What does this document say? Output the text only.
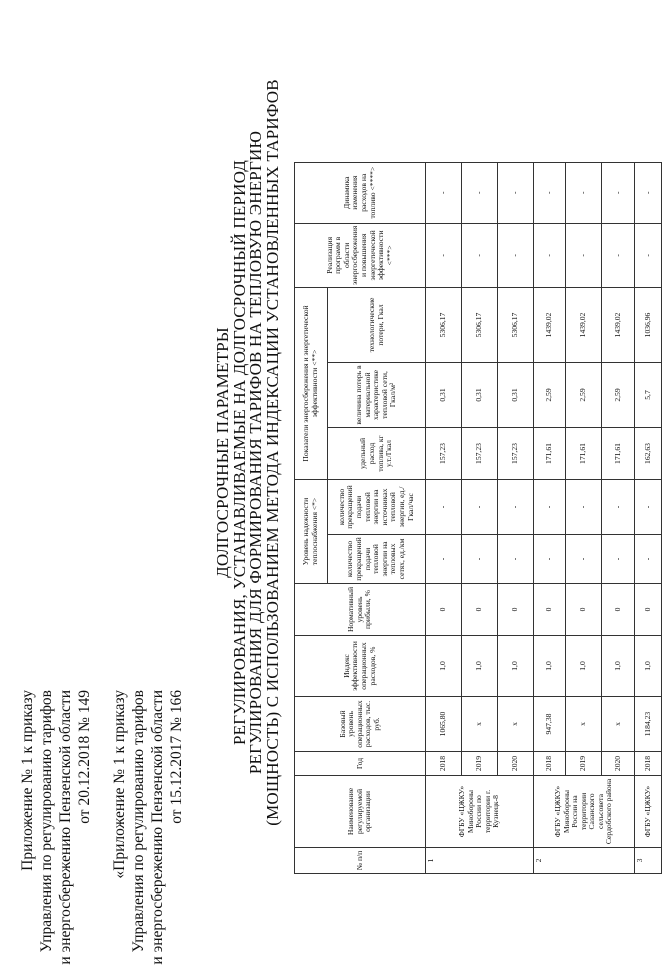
Приложение № 1 к приказу Управления по регулированию тарифов и энергосбережению Пензенской области от 20.12.2018 № 149 «Приложение № 1 к приказу Управления по регулированию тарифов и энергосбережению Пензенской области от 15.12.2017 № 166
ДОЛГОСРОЧНЫЕ ПАРАМЕТРЫ
РЕГУЛИРОВАНИЯ, УСТАНАВЛИВАЕМЫЕ НА ДОЛГОСРОЧНЫЙ ПЕРИОД
РЕГУЛИРОВАНИЯ ДЛЯ ФОРМИРОВАНИЯ ТАРИФОВ НА ТЕПЛОВУЮ ЭНЕРГИЮ
(МОЩНОСТЬ) С ИСПОЛЬЗОВАНИЕМ МЕТОДА ИНДЕКСАЦИИ УСТАНОВЛЕННЫХ ТАРИФОВ
№ п/п	Наименование регулируемой организации	Год	Базовый уровень операционных расходов, тыс. руб.	Индекс эффективности операционных расходов, %	Нормативный уровень прибыли, %	Уровень надежности теплоснабжения <*>		Показатели энергосбережения и энергетической эффективности <**>			Реализация программ в области энергосбережения и повышения энергетической эффективности <***>	Динамика изменения расходов на топливо <****>
						количество прекращений подачи тепловой энергии на тепловых сетях, ед./км	количество прекращений подачи тепловой энергии на источниках тепловой энергии, ед./Гкал/час	удельный расход топлива, кг у.т./Гкал	величина потерь в материальной характеристике тепловой сети, Гкал/м²	технологические потери, Гкал		
1	ФГБУ «ЦЖКУ» Минобороны России по территории г. Кузнецк-8	2018	1065,80	1,0	0	-	-	157,23	0,31	5306,17	-	-
		2019	x	1,0	0	-	-	157,23	0,31	5306,17	-	-
		2020	x	1,0	0	-	-	157,23	0,31	5306,17	-	-
2	ФГБУ «ЦЖКУ» Минобороны России на территории Сазанского сельсовета Сердобского района	2018	947,38	1,0	0	-	-	171,61	2,59	1439,02	-	-
		2019	x	1,0	0	-	-	171,61	2,59	1439,02	-	-
		2020	x	1,0	0	-	-	171,61	2,59	1439,02	-	-
3	ФГБУ «ЦЖКУ»	2018	1184,23	1,0	0	-	-	162,63	5,7	1036,96	-	-
